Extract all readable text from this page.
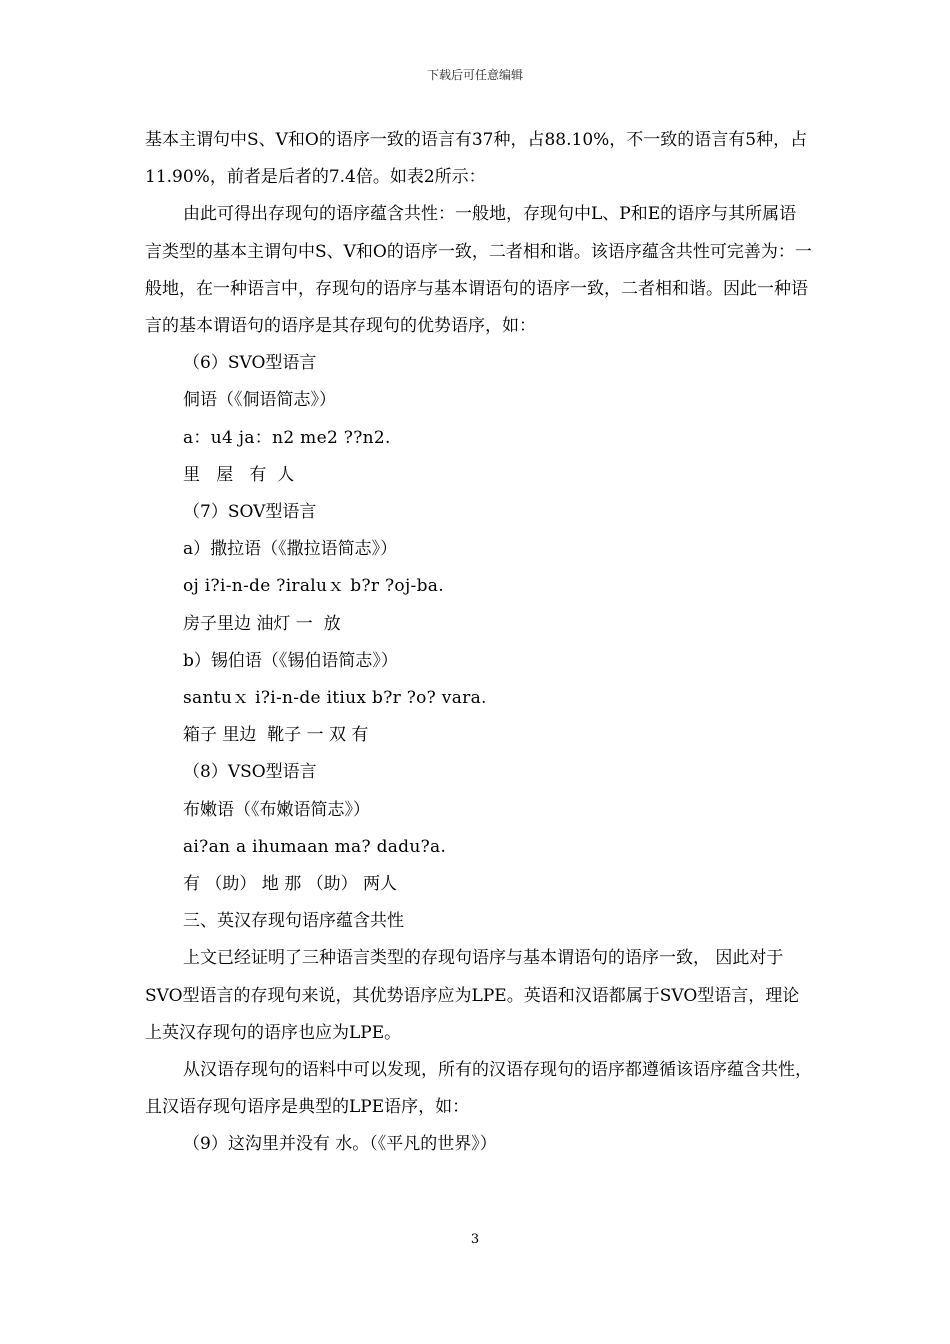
下载后可任意编辑

基本主谓句中S、V和O的语序一致的语言有37种，占88.10%，不一致的语言有5种，占11.90%，前者是后者的7.4倍。如表2所示：

由此可得出存现句的语序蕴含共性：一般地，存现句中L、P和E的语序与其所属语言类型的基本主谓句中S、V和O的语序一致，二者相和谐。该语序蕴含共性可完善为：一般地，在一种语言中，存现句的语序与基本谓语句的语序一致，二者相和谐。因此一种语言的基本谓语句的语序是其存现句的优势语序，如：

（6）SVO型语言

侗语（《侗语简志》）

a：u4 ja：n2 me2 ??n2.

里   屋   有  人

（7）SOV型语言

a）撒拉语（《撒拉语简志》）

oj i?i-n-de ?iraluｘ b?r ?oj-ba.

房子里边 油灯 一  放

b）锡伯语（《锡伯语简志》）

santuｘ i?i-n-de itiux b?r ?o? vara.

箱子 里边  靴子 一 双 有

（8）VSO型语言

布嫩语（《布嫩语简志》）

ai?an a ihumaan ma? dadu?a.

有 （助） 地 那 （助） 两人

三、英汉存现句语序蕴含共性

上文已经证明了三种语言类型的存现句语序与基本谓语句的语序一致， 因此对于SVO型语言的存现句来说，其优势语序应为LPE。英语和汉语都属于SVO型语言，理论上英汉存现句的语序也应为LPE。

从汉语存现句的语料中可以发现，所有的汉语存现句的语序都遵循该语序蕴含共性，且汉语存现句语序是典型的LPE语序，如：

（9）这沟里并没有 水。（《平凡的世界》）

3
